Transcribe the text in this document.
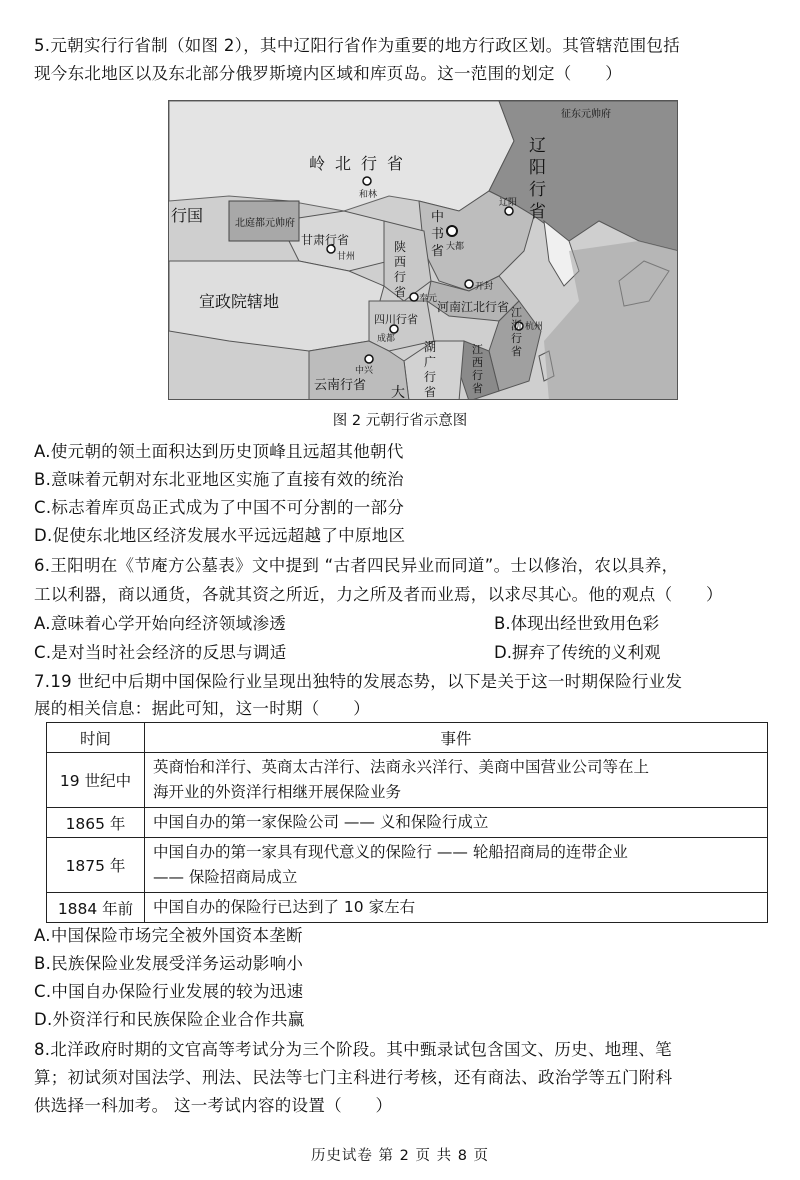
5.元朝实行行省制（如图 2），其中辽阳行省作为重要的地方行政区划。其管辖范围包括
现今东北地区以及东北部分俄罗斯境内区域和库页岛。这一范围的划定（　　）
岭北行省
征东元帅府
行国	北庭都元帅府
甘肃行省
宣政院辖地	河南江北行省
四川行省
云南行省 大
辽阳行省
中书省
陕西行省
湖广行省
江西行省
江浙行省
和林
大都
辽阳
甘州
开封
杭州
成都
奉元
中兴
图 2 元朝行省示意图
A.使元朝的领土面积达到历史顶峰且远超其他朝代
B.意味着元朝对东北亚地区实施了直接有效的统治
C.标志着库页岛正式成为了中国不可分割的一部分
D.促使东北地区经济发展水平远远超越了中原地区
6.王阳明在《节庵方公墓表》文中提到 “古者四民异业而同道”。士以修治，农以具养，
工以利器，商以通货，各就其资之所近，力之所及者而业焉，以求尽其心。他的观点（　　）
A.意味着心学开始向经济领域渗透	B.体现出经世致用色彩
C.是对当时社会经济的反思与调适	D.摒弃了传统的义利观
7.19 世纪中后期中国保险行业呈现出独特的发展态势，以下是关于这一时期保险行业发
展的相关信息：据此可知，这一时期（　　）
时间	事件
19 世纪中	英商怡和洋行、英商太古洋行、法商永兴洋行、美商中国营业公司等在上
海开业的外资洋行相继开展保险业务

1865 年	中国自办的第一家保险公司 —— 义和保险行成立

1875 年	中国自办的第一家具有现代意义的保险行 —— 轮船招商局的连带企业
—— 保险招商局成立

1884 年前	中国自办的保险行已达到了 10 家左右
A.中国保险市场完全被外国资本垄断
B.民族保险业发展受洋务运动影响小
C.中国自办保险行业发展的较为迅速
D.外资洋行和民族保险企业合作共赢
8.北洋政府时期的文官高等考试分为三个阶段。其中甄录试包含国文、历史、地理、笔
算；初试须对国法学、刑法、民法等七门主科进行考核，还有商法、政治学等五门附科
供选择一科加考。 这一考试内容的设置（　　）
历史试卷 第 2 页 共 8 页
